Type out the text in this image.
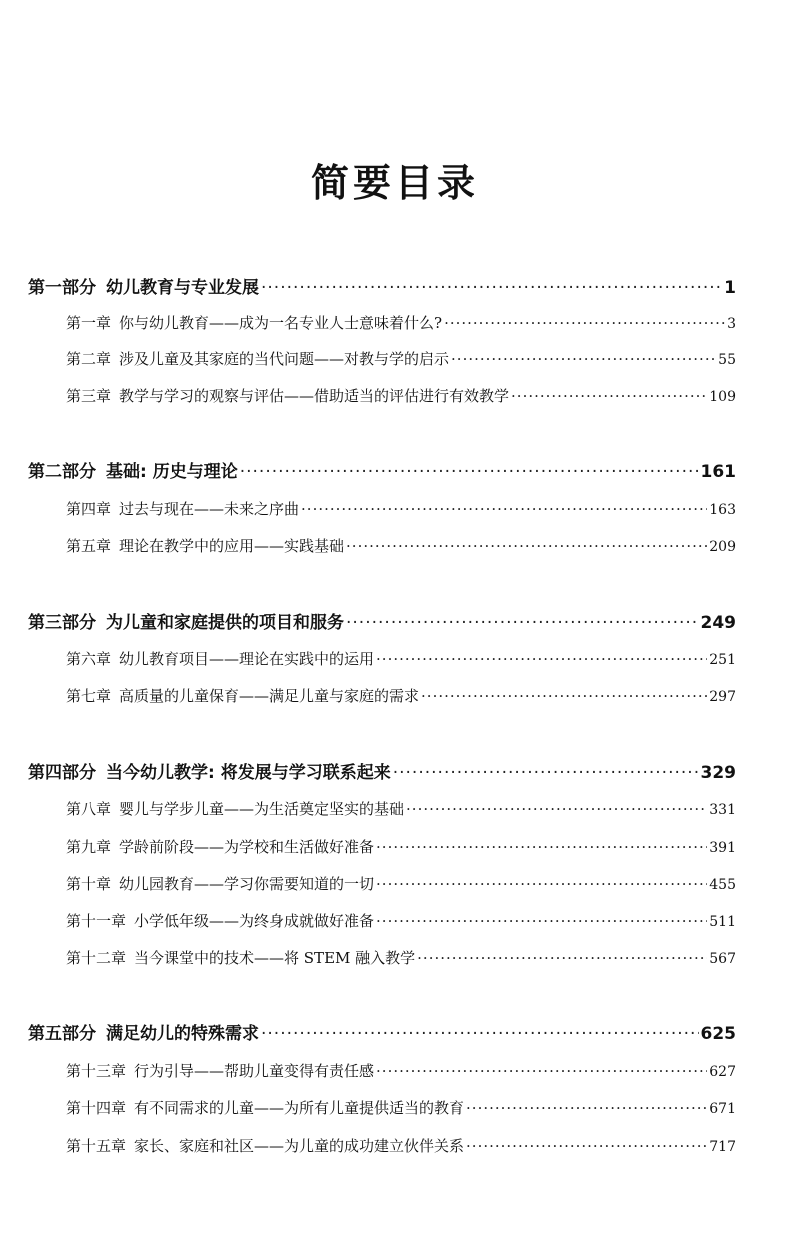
简要目录
第一部分 幼儿教育与专业发展 ·····	1
第一章 你与幼儿教育——成为一名专业人士意味着什么? ·····	3
第二章 涉及儿童及其家庭的当代问题——对教与学的启示 ·····	55
第三章 教学与学习的观察与评估——借助适当的评估进行有效教学 ·····	109
第二部分 基础: 历史与理论 ·····	161
第四章 过去与现在——未来之序曲 ·····	163
第五章 理论在教学中的应用——实践基础 ·····	209
第三部分 为儿童和家庭提供的项目和服务 ·····	249
第六章 幼儿教育项目——理论在实践中的运用 ·····	251
第七章 高质量的儿童保育——满足儿童与家庭的需求 ·····	297
第四部分 当今幼儿教学: 将发展与学习联系起来 ·····	329
第八章 婴儿与学步儿童——为生活奠定坚实的基础 ·····	331
第九章 学龄前阶段——为学校和生活做好准备 ·····	391
第十章 幼儿园教育——学习你需要知道的一切 ·····	455
第十一章 小学低年级——为终身成就做好准备 ·····	511
第十二章 当今课堂中的技术——将 STEM 融入教学 ·····	567
第五部分 满足幼儿的特殊需求 ·····	625
第十三章 行为引导——帮助儿童变得有责任感 ·····	627
第十四章 有不同需求的儿童——为所有儿童提供适当的教育 ·····	671
第十五章 家长、家庭和社区——为儿童的成功建立伙伴关系 ·····	717
